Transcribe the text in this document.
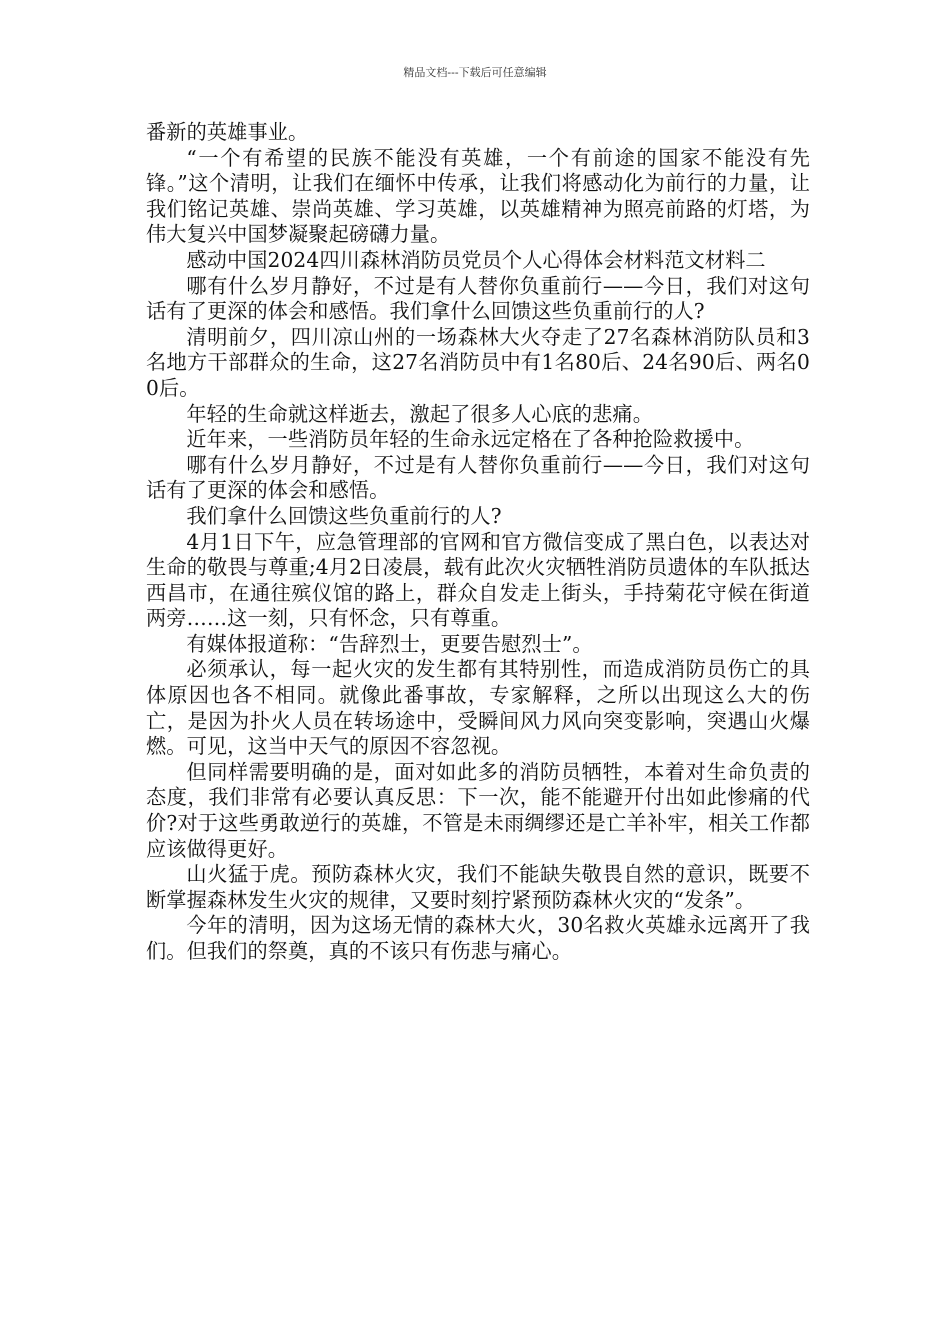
精品文档---下载后可任意编辑

番新的英雄事业。

“一个有希望的民族不能没有英雄，一个有前途的国家不能没有先锋。”这个清明，让我们在缅怀中传承，让我们将感动化为前行的力量，让我们铭记英雄、崇尚英雄、学习英雄，以英雄精神为照亮前路的灯塔，为伟大复兴中国梦凝聚起磅礴力量。

感动中国2024四川森林消防员党员个人心得体会材料范文材料二

哪有什么岁月静好，不过是有人替你负重前行——今日，我们对这句话有了更深的体会和感悟。我们拿什么回馈这些负重前行的人?

清明前夕，四川凉山州的一场森林大火夺走了27名森林消防队员和3名地方干部群众的生命，这27名消防员中有1名80后、24名90后、两名00后。

年轻的生命就这样逝去，激起了很多人心底的悲痛。

近年来，一些消防员年轻的生命永远定格在了各种抢险救援中。

哪有什么岁月静好，不过是有人替你负重前行——今日，我们对这句话有了更深的体会和感悟。

我们拿什么回馈这些负重前行的人?

4月1日下午，应急管理部的官网和官方微信变成了黑白色，以表达对生命的敬畏与尊重;4月2日凌晨，载有此次火灾牺牲消防员遗体的车队抵达西昌市，在通往殡仪馆的路上，群众自发走上街头，手持菊花守候在街道两旁……这一刻，只有怀念，只有尊重。

有媒体报道称：“告辞烈士，更要告慰烈士”。

必须承认，每一起火灾的发生都有其特别性，而造成消防员伤亡的具体原因也各不相同。就像此番事故，专家解释，之所以出现这么大的伤亡，是因为扑火人员在转场途中，受瞬间风力风向突变影响，突遇山火爆燃。可见，这当中天气的原因不容忽视。

但同样需要明确的是，面对如此多的消防员牺牲，本着对生命负责的态度，我们非常有必要认真反思：下一次，能不能避开付出如此惨痛的代价?对于这些勇敢逆行的英雄，不管是未雨绸缪还是亡羊补牢，相关工作都应该做得更好。

山火猛于虎。预防森林火灾，我们不能缺失敬畏自然的意识，既要不断掌握森林发生火灾的规律，又要时刻拧紧预防森林火灾的“发条”。

今年的清明，因为这场无情的森林大火，30名救火英雄永远离开了我们。但我们的祭奠，真的不该只有伤悲与痛心。
